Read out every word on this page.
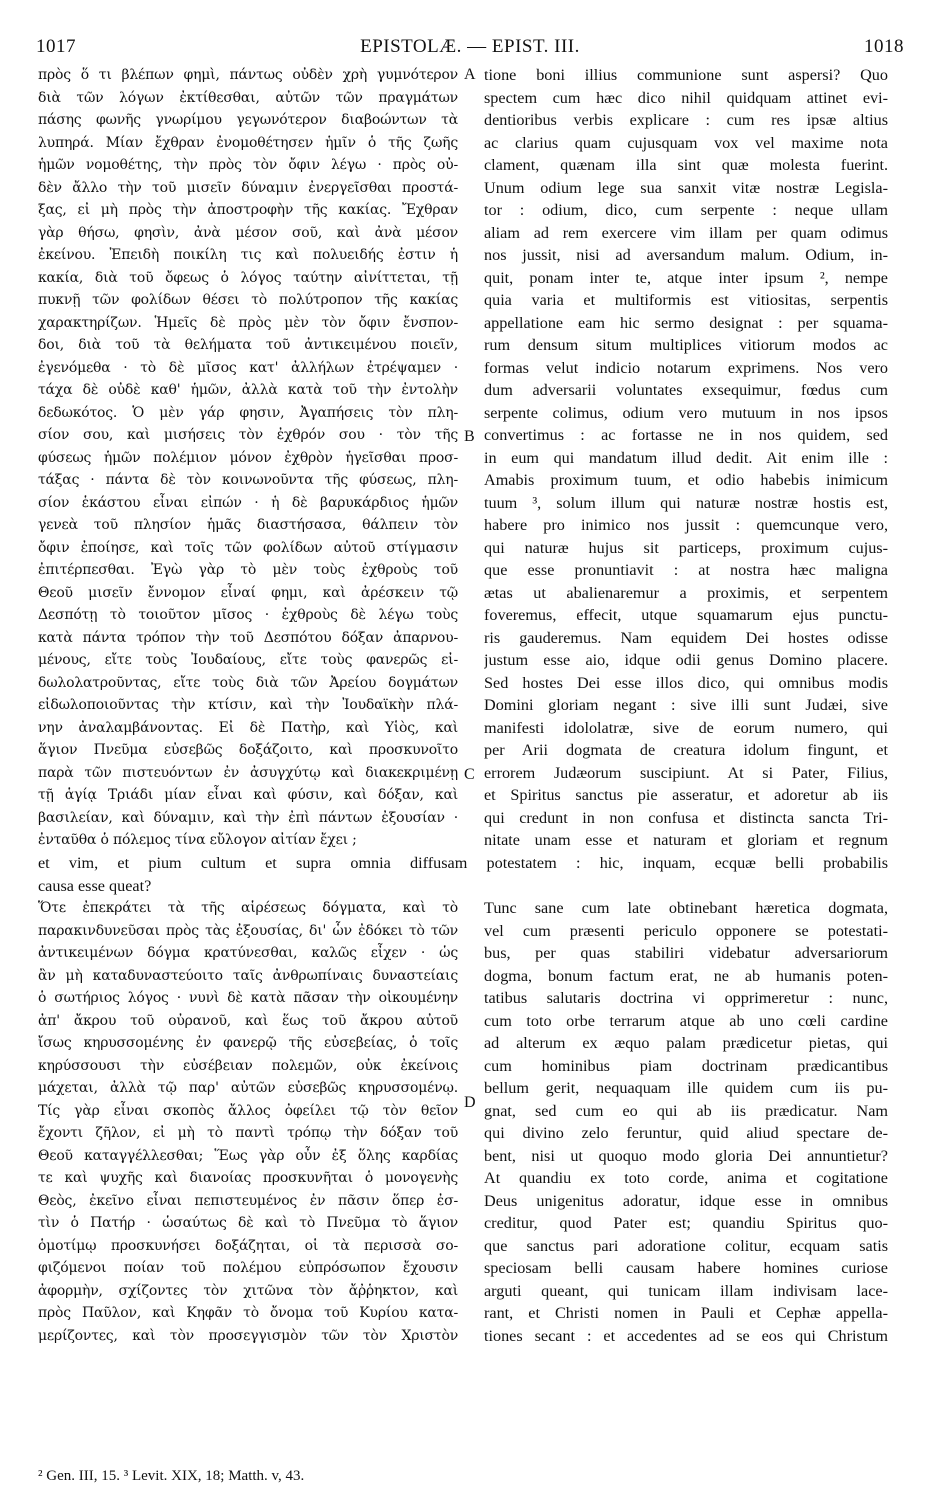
1017	EPISTOLÆ. — EPIST. III.	1018
πρὸς ὅ τι βλέπων φημὶ, πάντως οὐδὲν χρὴ γυμνότερον
διὰ τῶν λόγων ἐκτίθεσθαι, αὐτῶν τῶν πραγμάτων
πάσης φωνῆς γνωρίμου γεγωνότερον διαβοώντων τὰ
λυπηρά. Μίαν ἔχθραν ἐνομοθέτησεν ἡμῖν ὁ τῆς ζωῆς
ἡμῶν νομοθέτης, τὴν πρὸς τὸν ὄφιν λέγω · πρὸς οὐ-
δὲν ἄλλο τὴν τοῦ μισεῖν δύναμιν ἐνεργεῖσθαι προστά-
ξας, εἰ μὴ πρὸς τὴν ἀποστροφὴν τῆς κακίας. Ἔχθραν
γὰρ θήσω, φησὶν, ἀνὰ μέσον σοῦ, καὶ ἀνὰ μέσον
ἐκείνου. Ἐπειδὴ ποικίλη τις καὶ πολυειδής ἐστιν ἡ
κακία, διὰ τοῦ ὄφεως ὁ λόγος ταύτην αἰνίττεται, τῇ
πυκνῇ τῶν φολίδων θέσει τὸ πολύτροπον τῆς κακίας
χαρακτηρίζων. Ἡμεῖς δὲ πρὸς μὲν τὸν ὄφιν ἔνσπον-
δοι, διὰ τοῦ τὰ θελήματα τοῦ ἀντικειμένου ποιεῖν,
ἐγενόμεθα · τὸ δὲ μῖσος κατ' ἀλλήλων ἐτρέψαμεν ·
τάχα δὲ οὐδὲ καθ' ἡμῶν, ἀλλὰ κατὰ τοῦ τὴν ἐντολὴν
δεδωκότος. Ὁ μὲν γάρ φησιν, Ἀγαπήσεις τὸν πλη-
σίον σου, καὶ μισήσεις τὸν ἐχθρόν σου · τὸν τῆς
φύσεως ἡμῶν πολέμιον μόνον ἐχθρὸν ἡγεῖσθαι προσ-
τάξας · πάντα δὲ τὸν κοινωνοῦντα τῆς φύσεως, πλη-
σίον ἑκάστου εἶναι εἰπών · ἡ δὲ βαρυκάρδιος ἡμῶν
γενεὰ τοῦ πλησίον ἡμᾶς διαστήσασα, θάλπειν τὸν
ὄφιν ἐποίησε, καὶ τοῖς τῶν φολίδων αὐτοῦ στίγμασιν
ἐπιτέρπεσθαι. Ἐγὼ γὰρ τὸ μὲν τοὺς ἐχθροὺς τοῦ
Θεοῦ μισεῖν ἔννομον εἶναί φημι, καὶ ἀρέσκειν τῷ
Δεσπότῃ τὸ τοιοῦτον μῖσος · ἐχθροὺς δὲ λέγω τοὺς
κατὰ πάντα τρόπον τὴν τοῦ Δεσπότου δόξαν ἀπαρνου-
μένους, εἴτε τοὺς Ἰουδαίους, εἴτε τοὺς φανερῶς εἰ-
δωλολατροῦντας, εἴτε τοὺς διὰ τῶν Ἀρείου δογμάτων
εἰδωλοποιοῦντας τὴν κτίσιν, καὶ τὴν Ἰουδαϊκὴν πλά-
νην ἀναλαμβάνοντας. Εἰ δὲ Πατὴρ, καὶ Υἱὸς, καὶ
ἅγιον Πνεῦμα εὐσεβῶς δοξάζοιτο, καὶ προσκυνοῖτο
παρὰ τῶν πιστευόντων ἐν ἀσυγχύτῳ καὶ διακεκριμένῃ
τῇ ἁγίᾳ Τριάδι μίαν εἶναι καὶ φύσιν, καὶ δόξαν, καὶ
βασιλείαν, καὶ δύναμιν, καὶ τὴν ἐπὶ πάντων ἐξουσίαν ·
ἐνταῦθα ὁ πόλεμος τίνα εὔλογον αἰτίαν ἔχει ;
tione boni illius communione sunt aspersi? Quo
spectem cum hæc dico nihil quidquam attinet evi-
dentioribus verbis explicare : cum res ipsæ altius
ac clarius quam cujusquam vox vel maxime nota
clament, quænam illa sint quæ molesta fuerint.
Unum odium lege sua sanxit vitæ nostræ Legisla-
tor : odium, dico, cum serpente : neque ullam
aliam ad rem exercere vim illam per quam odimus
nos jussit, nisi ad aversandum malum. Odium, in-
quit, ponam inter te, atque inter ipsum ², nempe
quia varia et multiformis est vitiositas, serpentis
appellatione eam hic sermo designat : per squama-
rum densum situm multiplices vitiorum modos ac
formas velut indicio notarum exprimens. Nos vero
dum adversarii voluntates exsequimur, fœdus cum
serpente colimus, odium vero mutuum in nos ipsos
convertimus : ac fortasse ne in nos quidem, sed
in eum qui mandatum illud dedit. Ait enim ille :
Amabis proximum tuum, et odio habebis inimicum
tuum ³, solum illum qui naturæ nostræ hostis est,
habere pro inimico nos jussit : quemcunque vero,
qui naturæ hujus sit particeps, proximum cujus-
que esse pronuntiavit : at nostra hæc maligna
ætas ut abalienaremur a proximis, et serpentem
foveremus, effecit, utque squamarum ejus punctu-
ris gauderemus. Nam equidem Dei hostes odisse
justum esse aio, idque odii genus Domino placere.
Sed hostes Dei esse illos dico, qui omnibus modis
Domini gloriam negant : sive illi sunt Judæi, sive
manifesti idololatræ, sive de eorum numero, qui
per Arii dogmata de creatura idolum fingunt, et
errorem Judæorum suscipiunt. At si Pater, Filius,
et Spiritus sanctus pie asseratur, et adoretur ab iis
qui credunt in non confusa et distincta sancta Tri-
nitate unam esse et naturam et gloriam et regnum
et vim, et pium cultum et supra omnia diffusam potestatem : hic, inquam, ecquæ belli probabilis
causa esse queat?
Ὅτε ἐπεκράτει τὰ τῆς αἱρέσεως δόγματα, καὶ τὸ
παρακινδυνεῦσαι πρὸς τὰς ἐξουσίας, δι' ὧν ἐδόκει τὸ τῶν
ἀντικειμένων δόγμα κρατύνεσθαι, καλῶς εἶχεν · ὡς
ἂν μὴ καταδυναστεύοιτο ταῖς ἀνθρωπίναις δυναστείαις
ὁ σωτήριος λόγος · νυνὶ δὲ κατὰ πᾶσαν τὴν οἰκουμένην
ἀπ' ἄκρου τοῦ οὐρανοῦ, καὶ ἕως τοῦ ἄκρου αὐτοῦ
ἴσως κηρυσσομένης ἐν φανερῷ τῆς εὐσεβείας, ὁ τοῖς
κηρύσσουσι τὴν εὐσέβειαν πολεμῶν, οὐκ ἐκείνοις
μάχεται, ἀλλὰ τῷ παρ' αὐτῶν εὐσεβῶς κηρυσσομένῳ.
Τίς γὰρ εἶναι σκοπὸς ἄλλος ὀφείλει τῷ τὸν θεῖον
ἔχοντι ζῆλον, εἰ μὴ τὸ παντὶ τρόπῳ τὴν δόξαν τοῦ
Θεοῦ καταγγέλλεσθαι; Ἕως γὰρ οὖν ἐξ ὅλης καρδίας
τε καὶ ψυχῆς καὶ διανοίας προσκυνῆται ὁ μονογενὴς
Θεὸς, ἐκεῖνο εἶναι πεπιστευμένος ἐν πᾶσιν ὅπερ ἐσ-
τὶν ὁ Πατήρ · ὡσαύτως δὲ καὶ τὸ Πνεῦμα τὸ ἅγιον
ὁμοτίμῳ προσκυνήσει δοξάζηται, οἱ τὰ περισσὰ σο-
φιζόμενοι ποίαν τοῦ πολέμου εὐπρόσωπον ἔχουσιν
ἀφορμὴν, σχίζοντες τὸν χιτῶνα τὸν ἄῤῥηκτον, καὶ
πρὸς Παῦλον, καὶ Κηφᾶν τὸ ὄνομα τοῦ Κυρίου κατα-
μερίζοντες, καὶ τὸν προσεγγισμὸν τῶν τὸν Χριστὸν
Tunc sane cum late obtinebant hæretica dogmata,
vel cum præsenti periculo opponere se potestati-
bus, per quas stabiliri videbatur adversariorum
dogma, bonum factum erat, ne ab humanis poten-
tatibus salutaris doctrina vi opprimeretur : nunc,
cum toto orbe terrarum atque ab uno cœli cardine
ad alterum ex æquo palam prædicetur pietas, qui
cum hominibus piam doctrinam prædicantibus
bellum gerit, nequaquam ille quidem cum iis pu-
gnat, sed cum eo qui ab iis prædicatur. Nam
qui divino zelo feruntur, quid aliud spectare de-
bent, nisi ut quoquo modo gloria Dei annuntietur?
At quandiu ex toto corde, anima et cogitatione
Deus unigenitus adoratur, idque esse in omnibus
creditur, quod Pater est; quandiu Spiritus quo-
que sanctus pari adoratione colitur, ecquam satis
speciosam belli causam habere homines curiose
arguti queant, qui tunicam illam indivisam lace-
rant, et Christi nomen in Pauli et Cephæ appella-
tiones secant : et accedentes ad se eos qui Christum
A
B
C
D
² Gen. III, 15. ³ Levit. XIX, 18; Matth. v, 43.
